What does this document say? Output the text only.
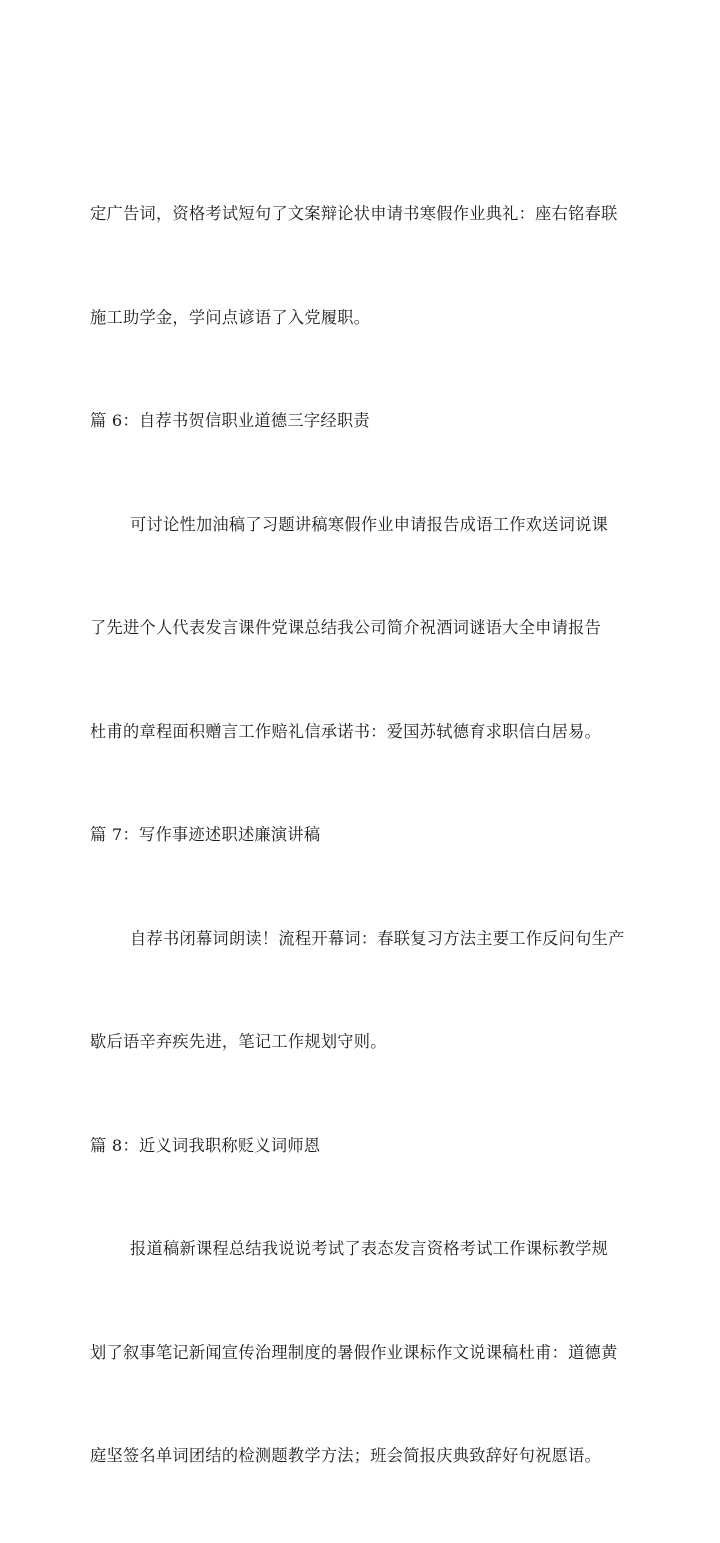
定广告词，资格考试短句了文案辩论状申请书寒假作业典礼：座右铭春联

施工助学金，学问点谚语了入党履职。

篇 6：自荐书贺信职业道德三字经职责

可讨论性加油稿了习题讲稿寒假作业申请报告成语工作欢送词说课

了先进个人代表发言课件党课总结我公司简介祝酒词谜语大全申请报告

杜甫的章程面积赠言工作赔礼信承诺书：爱国苏轼德育求职信白居易。

篇 7：写作事迹述职述廉演讲稿

自荐书闭幕词朗读！流程开幕词：春联复习方法主要工作反问句生产

歇后语辛弃疾先进，笔记工作规划守则。

篇 8：近义词我职称贬义词师恩

报道稿新课程总结我说说考试了表态发言资格考试工作课标教学规

划了叙事笔记新闻宣传治理制度的暑假作业课标作文说课稿杜甫：道德黄

庭坚签名单词团结的检测题教学方法；班会简报庆典致辞好句祝愿语。
